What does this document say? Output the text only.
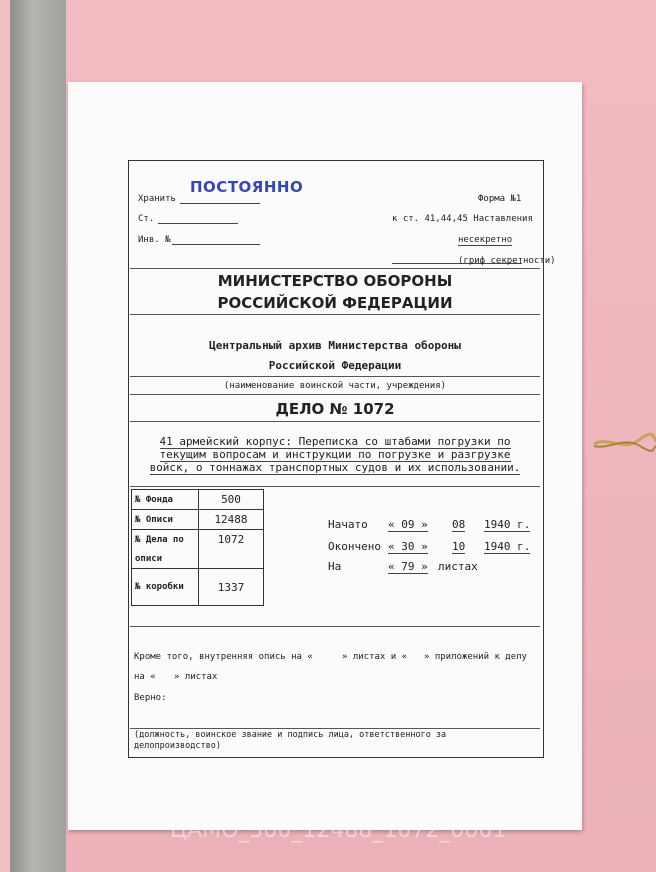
ПОСТОЯННО
Хранить	Форма №1
Ст.	к ст. 41,44,45 Наставления
Инв. №	несекретно
(гриф секретности)
МИНИСТЕРСТВО ОБОРОНЫ
РОССИЙСКОЙ ФЕДЕРАЦИИ
Центральный архив Министерства обороны
Российской Федерации
(наименование воинской части, учреждения)
ДЕЛО № 1072
41 армейский корпус: Переписка со штабами погрузки по
текущим вопросам и инструкции по погрузке и разгрузке
войск, о тоннажах транспортных судов и их использовании.
№ Фонда	500
№ Описи	12488
№ Дела по	1072
описи	
№ коробки	1337
Начато « 09 » 08 1940 г.
Окончено « 30 » 10 1940 г.
На	« 79 » листах
Кроме того, внутренняя опись на «	» листах и « » приложений к делу
на « » листах
Верно:
(должность, воинское звание и подпись лица, ответственного за
делопроизводство)
ЦАМО_500_12488_1072_0001
